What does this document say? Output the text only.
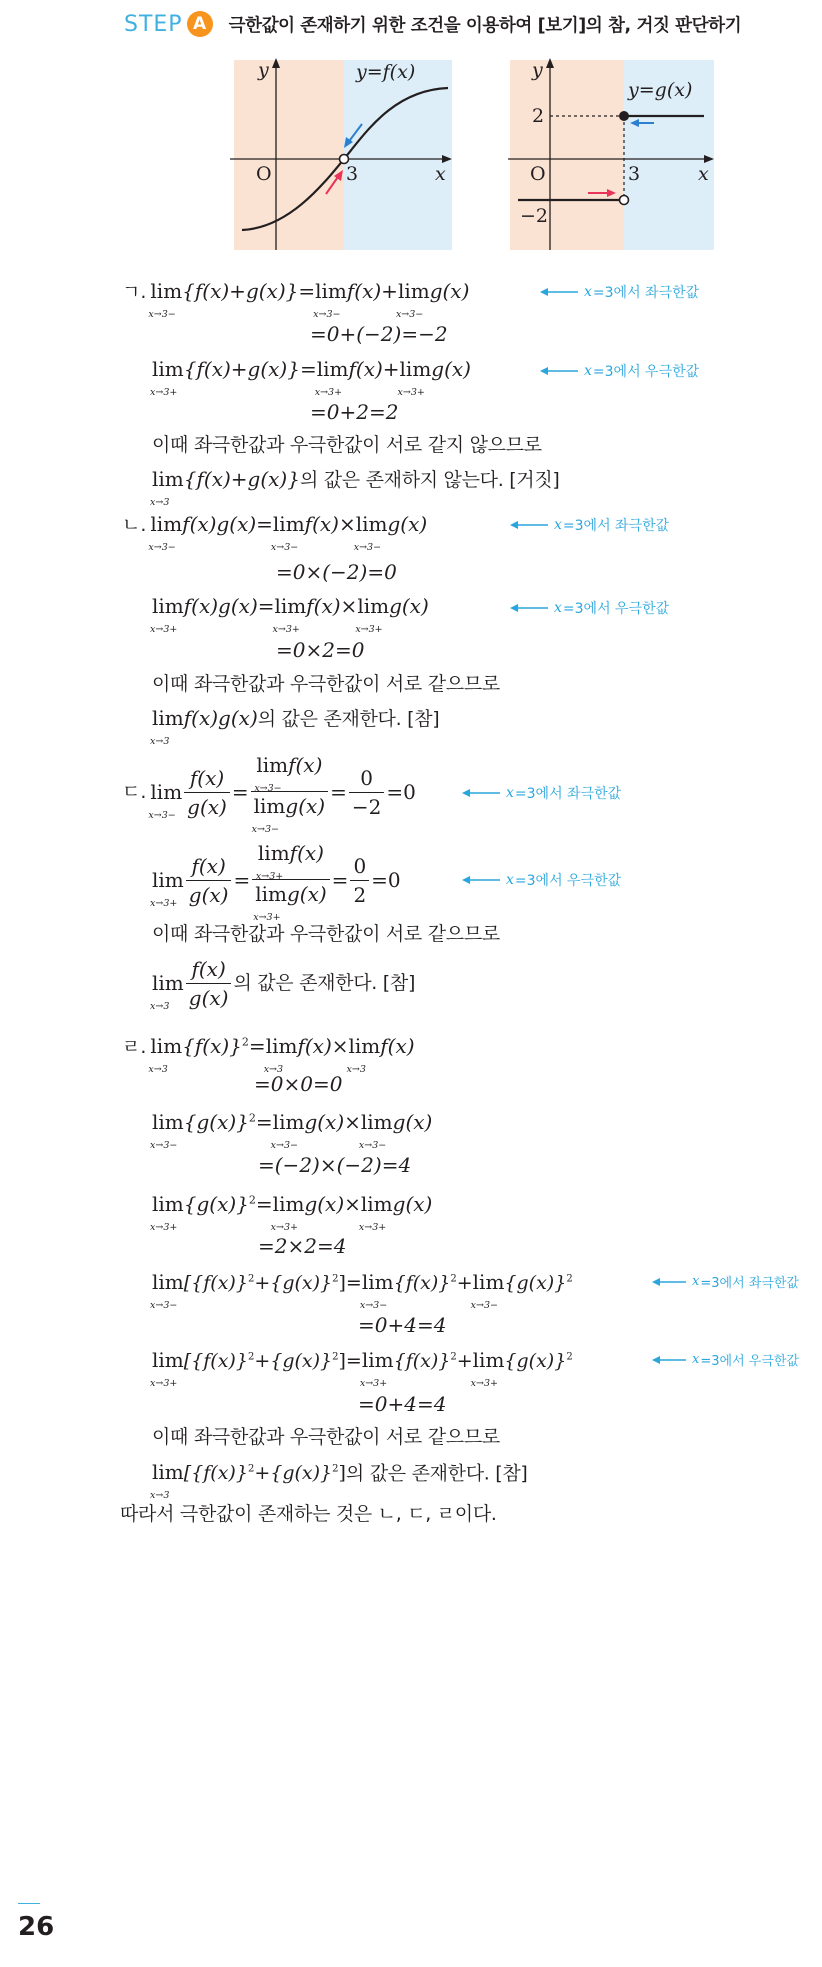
STEP A	극한값이 존재하기 위한 조건을 이용하여 [보기]의 참, 거짓 판단하기
y
x
O	3
y=f(x)	y
x
O	3
2
−2
y=g(x)
ㄱ. lim
x→3−
{f(x)+g(x)}=lim
x→3−
f(x)+lim
x→3−
g(x)	x =3에서 좌극한값
=0+(−2)=−2
lim
x→3+
{f(x)+g(x)}=lim
x→3+
f(x)+lim
x→3+
g(x)	x =3에서 우극한값
=0+2=2
이때 좌극한값과 우극한값이 서로 같지 않으므로
lim
x→3
{f(x)+g(x)}의 값은 존재하지 않는다. [거짓]
ㄴ. lim
x→3−
f(x)g(x)=lim
x→3−
f(x)×lim
x→3−
g(x)	x =3에서 좌극한값
=0×(−2)=0
lim
x→3+
f(x)g(x)=lim
x→3+
f(x)×lim
x→3+
g(x)	x =3에서 우극한값
=0×2=0
이때 좌극한값과 우극한값이 서로 같으므로
lim
x→3
f(x)g(x)의 값은 존재한다. [참]
ㄷ. lim
$x\to 3- \frac{f(x)}{g(x)} = \lim$
x→3−
f(x)
lim
x→3−
$g(x) = \frac{0}{-2} =0$	x =3에서 좌극한값
lim
$x\to 3+ \frac{f(x)}{g(x)} = \lim$
x→3+
f(x)
lim
x→3+
$g(x) = \frac{0}{2} =0$	x =3에서 우극한값
이때 좌극한값과 우극한값이 서로 같으므로
lim
$x\to 3 \frac{f(x)}{g(x)}$ 의 값은 존재한다. [참]
ㄹ. lim
x→3
$\{f(x)\}^2=\lim$
x→3
f(x)×lim
x→3
f(x)
=0×0=0
lim
x→3−
$\{g(x)\}^2=\lim$
x→3−
g(x)×lim
x→3−
g(x)
=(−2)×(−2)=4
lim
x→3+
$\{g(x)\}^2=\lim$
x→3+
g(x)×lim
x→3+
g(x)
=2×2=4
lim
x→3−
$[\{f(x)\}^2+\{g(x)\}^2]=\lim$
x→3−
$\{f(x)\}^2+\lim$
x→3−
$\{g(x)\}^2$	x =3에서 좌극한값
=0+4=4
lim
x→3+
$[\{f(x)\}^2+\{g(x)\}^2]=\lim$
x→3+
$\{f(x)\}^2+\lim$
x→3+
$\{g(x)\}^2$	x =3에서 우극한값
=0+4=4
이때 좌극한값과 우극한값이 서로 같으므로
lim
x→3
$[\{f(x)\}^2+\{g(x)\}^2]$의 값은 존재한다. [참]
따라서 극한값이 존재하는 것은 ㄴ, ㄷ, ㄹ이다.
26
